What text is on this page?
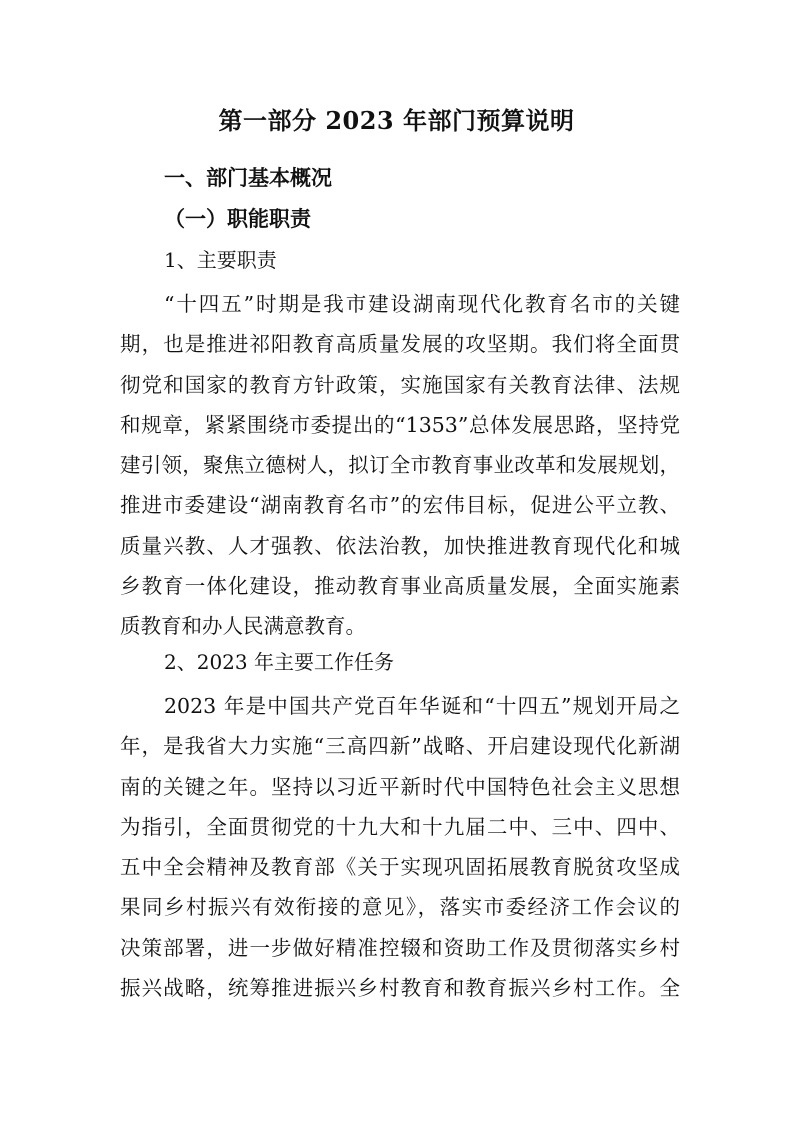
第一部分 2023 年部门预算说明
一、部门基本概况
（一）职能职责
1、主要职责
“十四五”时期是我市建设湖南现代化教育名市的关键
期，也是推进祁阳教育高质量发展的攻坚期。我们将全面贯
彻党和国家的教育方针政策，实施国家有关教育法律、法规
和规章，紧紧围绕市委提出的“1353”总体发展思路，坚持党
建引领，聚焦立德树人，拟订全市教育事业改革和发展规划，
推进市委建设“湖南教育名市”的宏伟目标，促进公平立教、
质量兴教、人才强教、依法治教，加快推进教育现代化和城
乡教育一体化建设，推动教育事业高质量发展，全面实施素
质教育和办人民满意教育。
2、2023 年主要工作任务
2023 年是中国共产党百年华诞和“十四五”规划开局之
年，是我省大力实施“三高四新”战略、开启建设现代化新湖
南的关键之年。坚持以习近平新时代中国特色社会主义思想
为指引，全面贯彻党的十九大和十九届二中、三中、四中、
五中全会精神及教育部《关于实现巩固拓展教育脱贫攻坚成
果同乡村振兴有效衔接的意见》，落实市委经济工作会议的
决策部署，进一步做好精准控辍和资助工作及贯彻落实乡村
振兴战略，统筹推进振兴乡村教育和教育振兴乡村工作。全
